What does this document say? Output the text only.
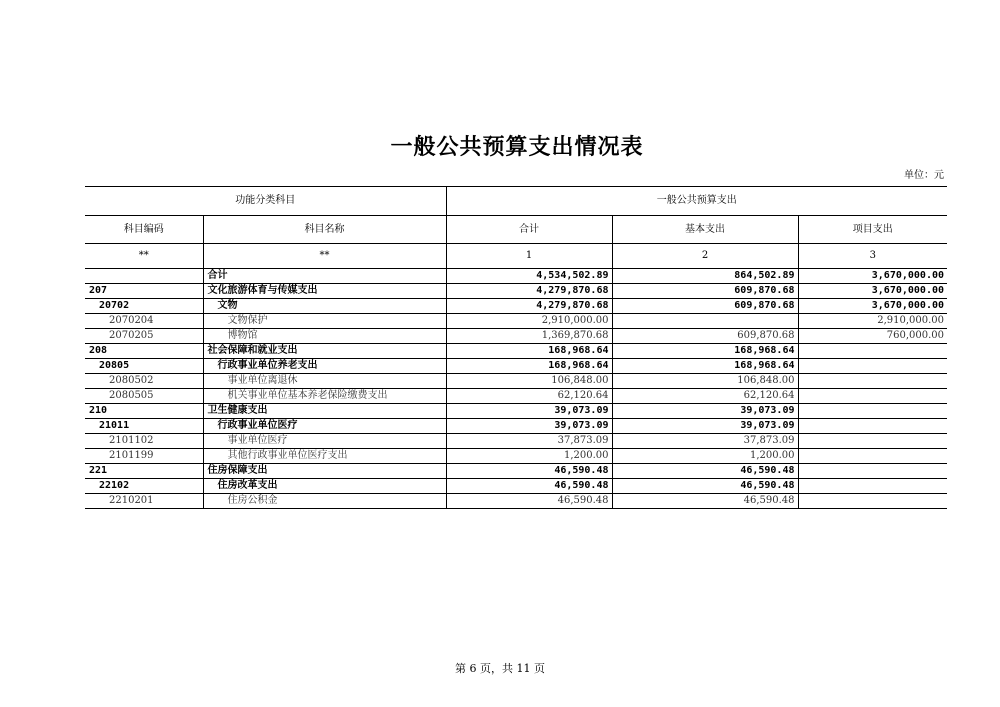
一般公共预算支出情况表
单位：元
功能分类科目		一般公共预算支出		
科目编码	科目名称	合计	基本支出	项目支出
**	**	1	2	3
	合计	4,534,502.89	864,502.89	3,670,000.00
207	文化旅游体育与传媒支出	4,279,870.68	609,870.68	3,670,000.00
20702	文物	4,279,870.68	609,870.68	3,670,000.00
2070204	文物保护	2,910,000.00		2,910,000.00
2070205	博物馆	1,369,870.68	609,870.68	760,000.00
208	社会保障和就业支出	168,968.64	168,968.64	
20805	行政事业单位养老支出	168,968.64	168,968.64	
2080502	事业单位离退休	106,848.00	106,848.00	
2080505	机关事业单位基本养老保险缴费支出	62,120.64	62,120.64	
210	卫生健康支出	39,073.09	39,073.09	
21011	行政事业单位医疗	39,073.09	39,073.09	
2101102	事业单位医疗	37,873.09	37,873.09	
2101199	其他行政事业单位医疗支出	1,200.00	1,200.00	
221	住房保障支出	46,590.48	46,590.48	
22102	住房改革支出	46,590.48	46,590.48	
2210201	住房公积金	46,590.48	46,590.48	
第 6 页，共 11 页
